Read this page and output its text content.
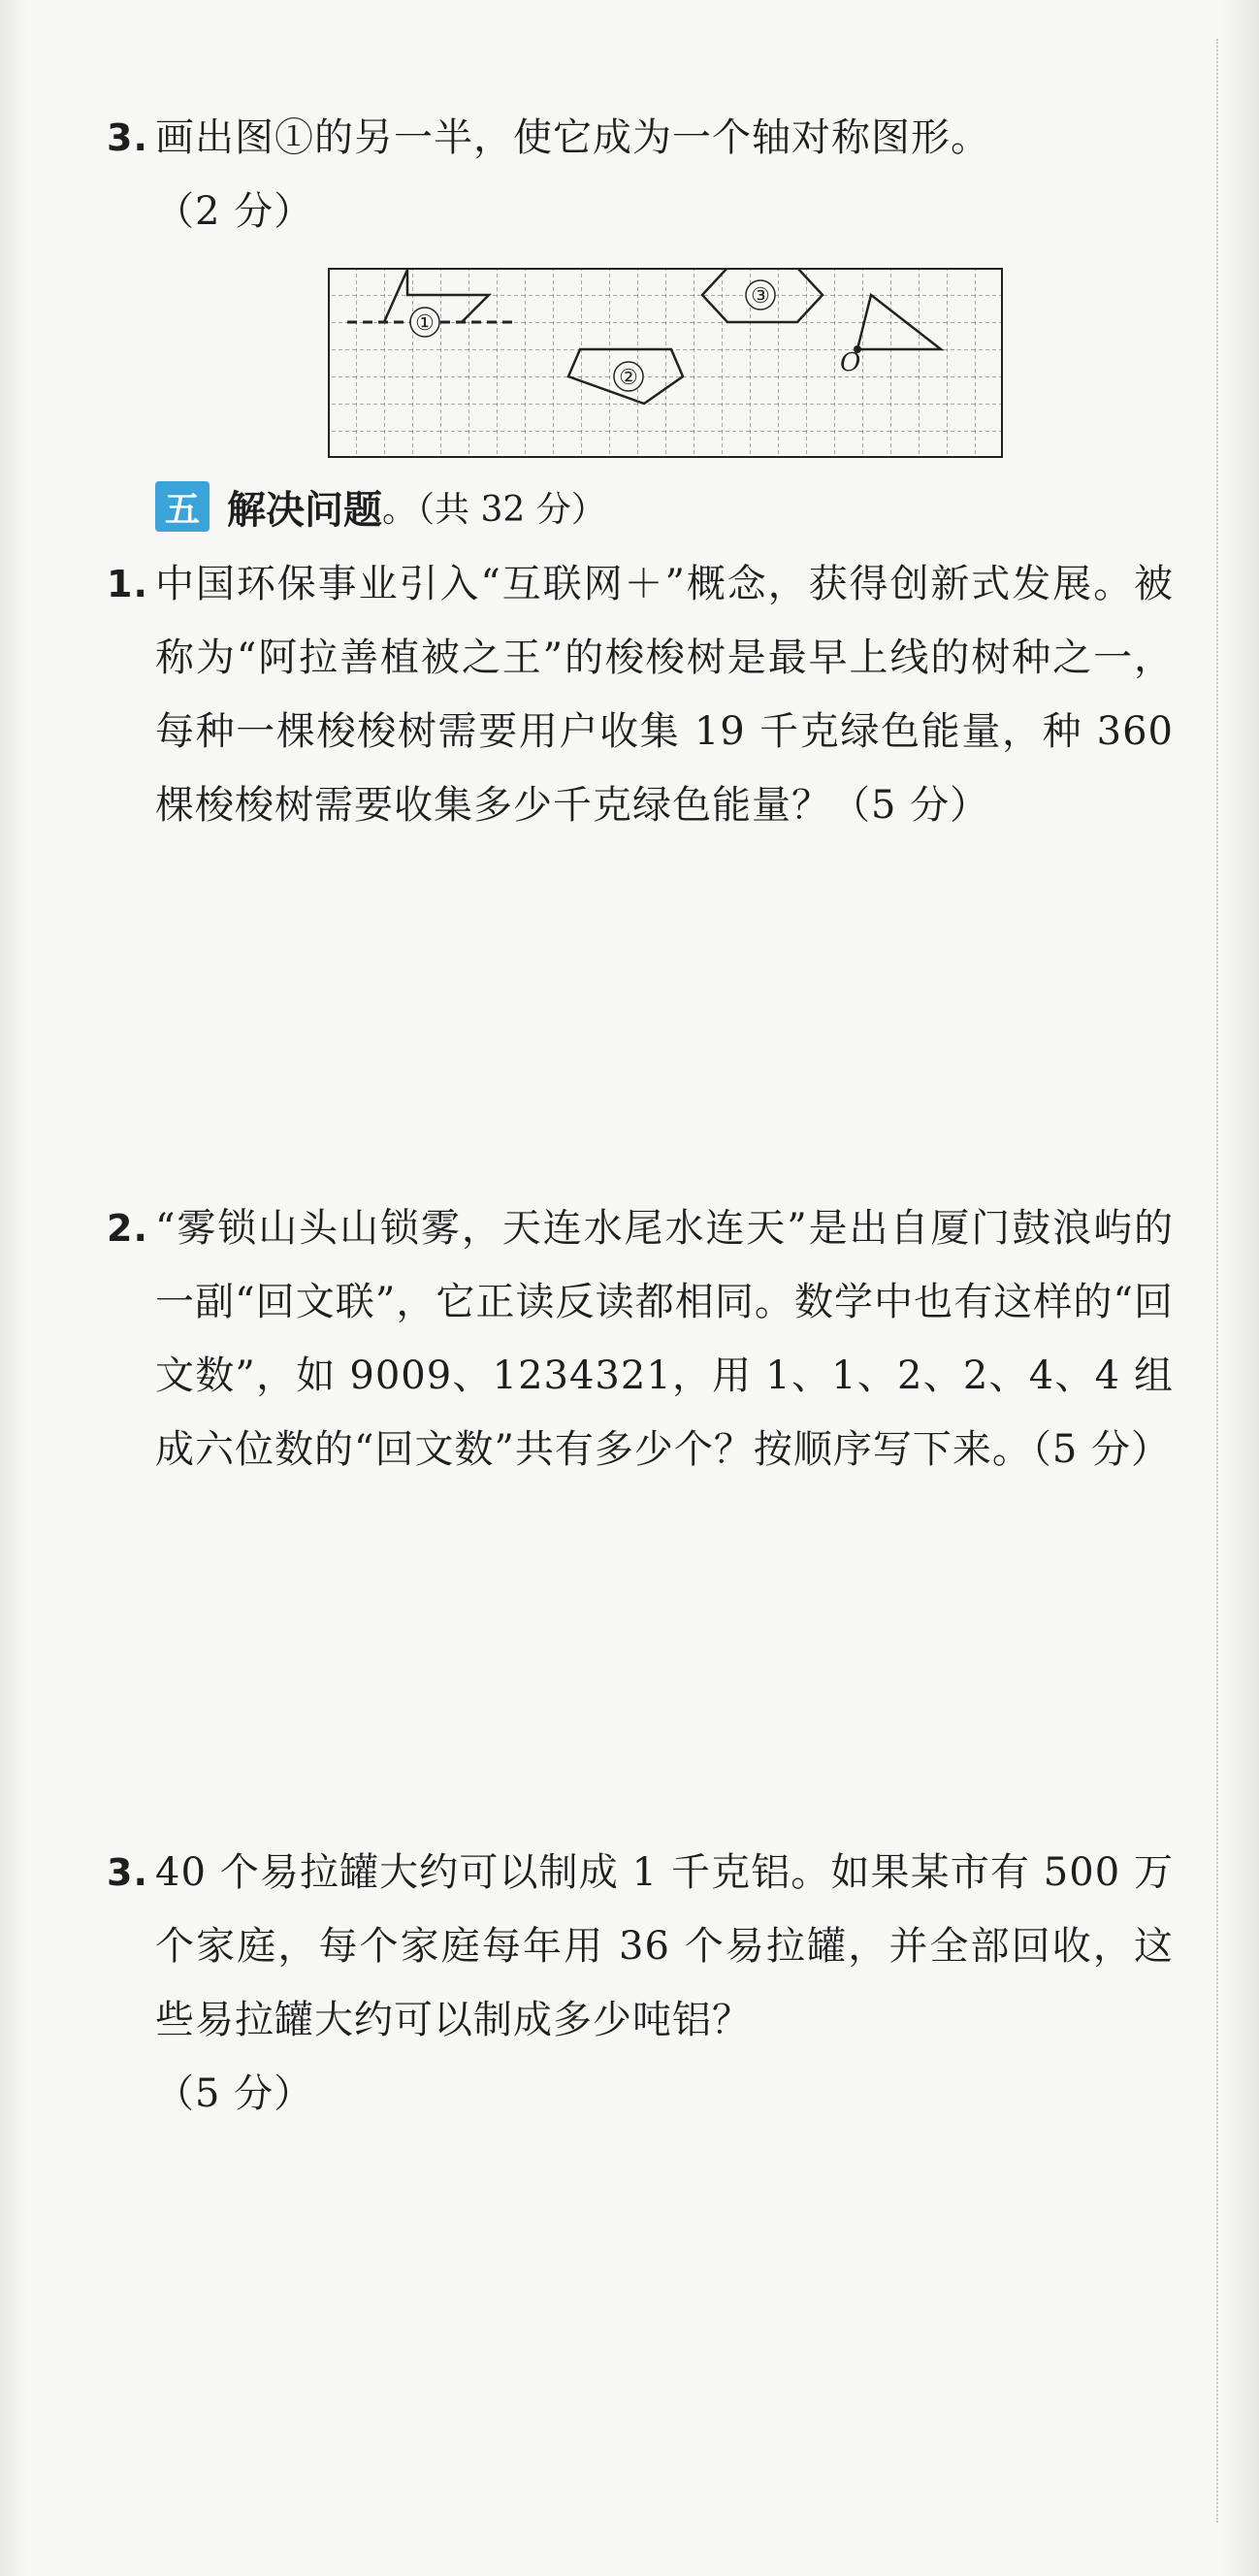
3. 画出图①的另一半，使它成为一个轴对称图形。

（2 分）
①
②
③
O
五 解决问题 。（共 32 分）
1. 中国环保事业引入“互联网＋”概念，获得创新式发展。被称为“阿拉善植被之王”的梭梭树是最早上线的树种之一，每种一棵梭梭树需要用户收集 19 千克绿色能量，种 360 棵梭梭树需要收集多少千克绿色能量？（5 分）

2. “雾锁山头山锁雾，天连水尾水连天”是出自厦门鼓浪屿的一副“回文联”，它正读反读都相同。数学中也有这样的“回文数”，如 9009、1234321，用 1、1、2、2、4、4 组成六位数的“回文数”共有多少个？按顺序写下来。（5 分）

3. 40 个易拉罐大约可以制成 1 千克铝。如果某市有 500 万个家庭，每个家庭每年用 36 个易拉罐，并全部回收，这些易拉罐大约可以制成多少吨铝？

（5 分）
